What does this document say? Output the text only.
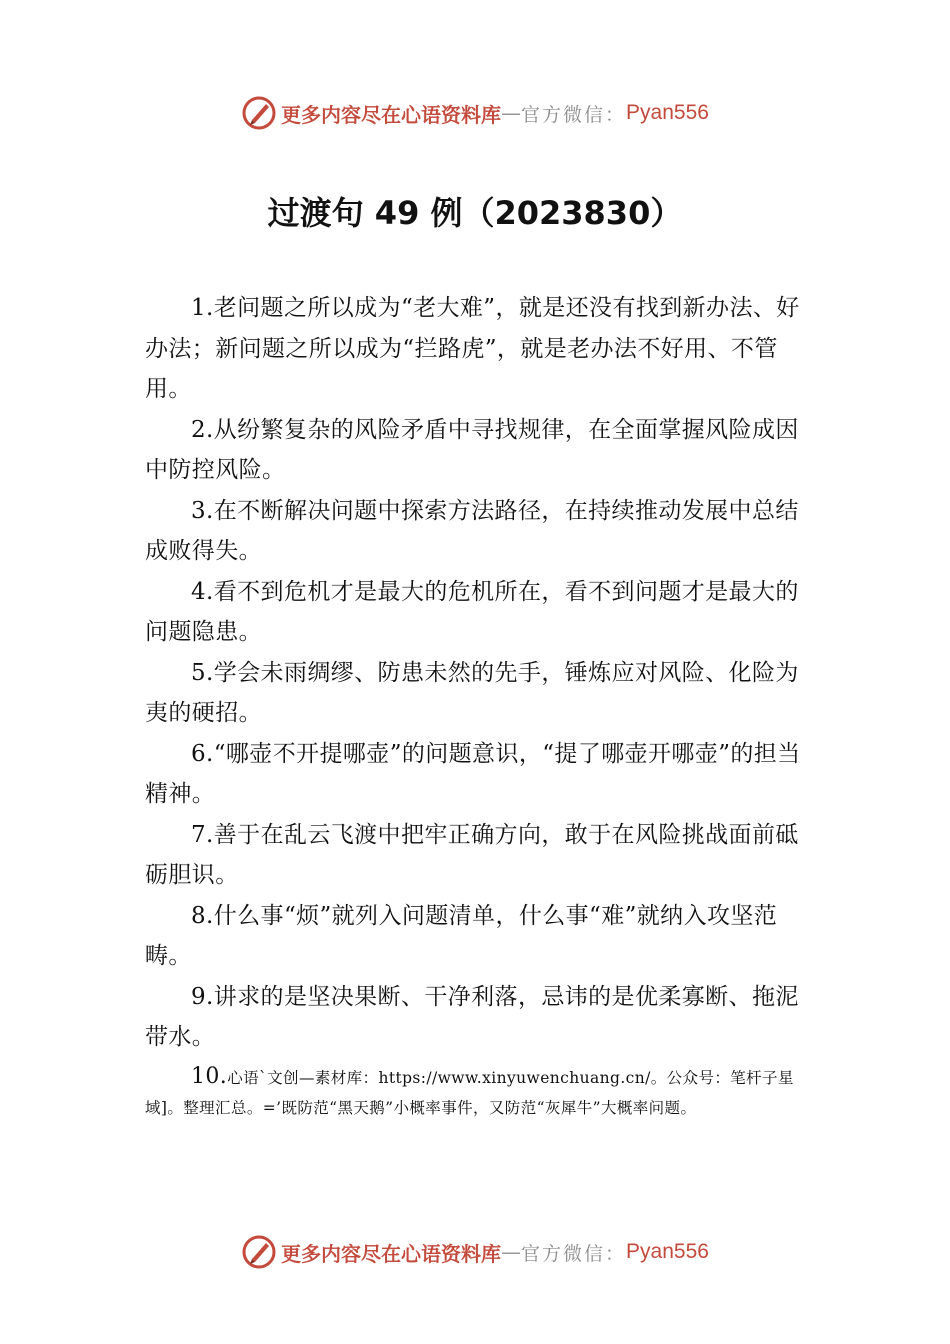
更多内容尽在心语资料库 — 官方微信： Pyan556
过渡句 49 例（2023830）

1.老问题之所以成为“老大难”，就是还没有找到新办法、好办法；新问题之所以成为“拦路虎”，就是老办法不好用、不管用。

2.从纷繁复杂的风险矛盾中寻找规律，在全面掌握风险成因中防控风险。

3.在不断解决问题中探索方法路径，在持续推动发展中总结成败得失。

4.看不到危机才是最大的危机所在，看不到问题才是最大的问题隐患。

5.学会未雨绸缪、防患未然的先手，锤炼应对风险、化险为夷的硬招。

6.“哪壶不开提哪壶”的问题意识，“提了哪壶开哪壶”的担当精神。

7.善于在乱云飞渡中把牢正确方向，敢于在风险挑战面前砥砺胆识。

8.什么事“烦”就列入问题清单，什么事“难”就纳入攻坚范畴。

9.讲求的是坚决果断、干净利落，忌讳的是优柔寡断、拖泥带水。

10.心语`文创—素材库：https://www.xinyuwenchuang.cn/。公众号：笔杆子星域]。整理汇总。=’既防范“黑天鹅”小概率事件，又防范“灰犀牛”大概率问题。

更多内容尽在心语资料库 — 官方微信： Pyan556
